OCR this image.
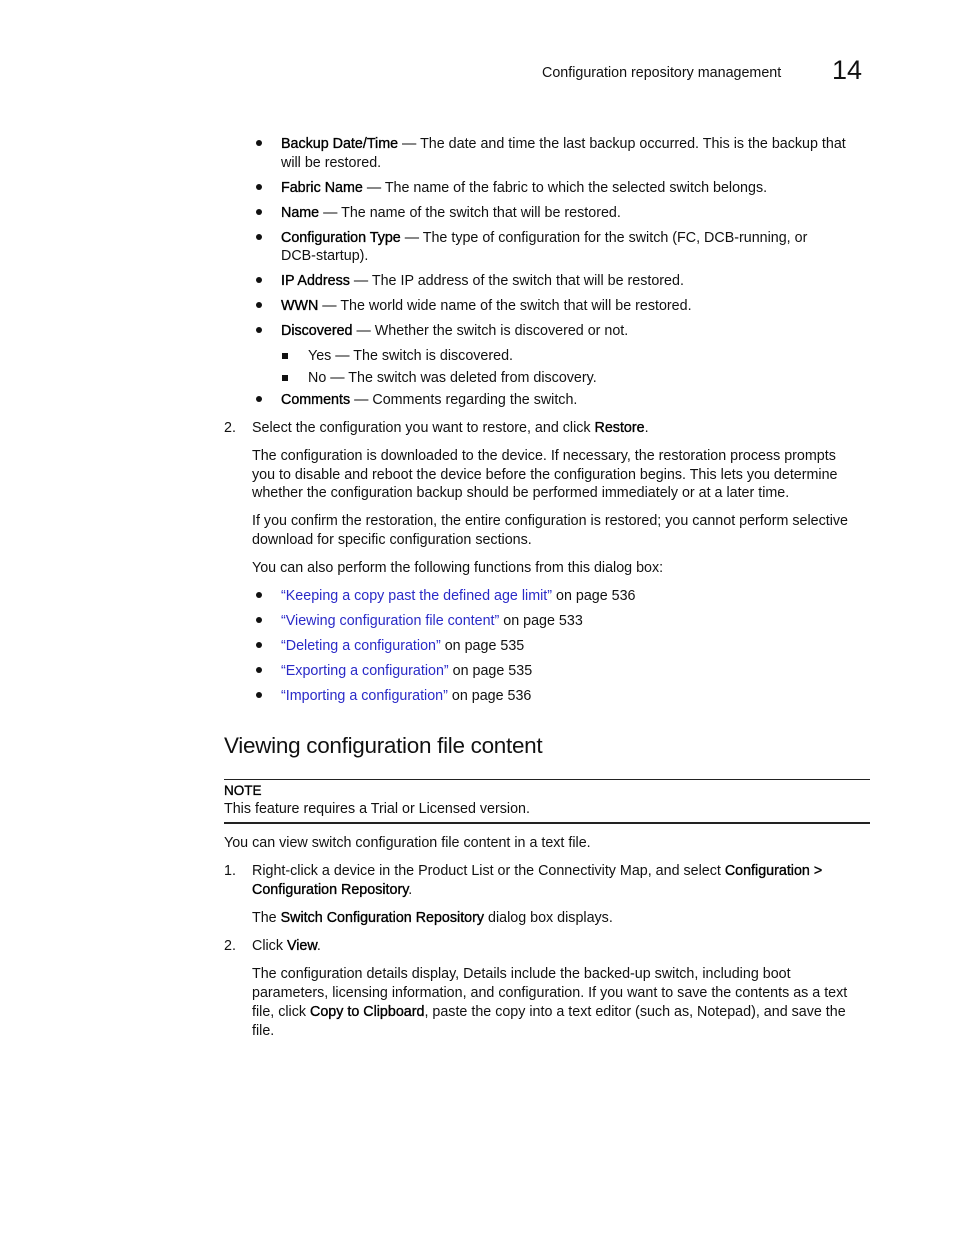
Configuration repository management 14
Backup Date/Time — The date and time the last backup occurred. This is the backup that
will be restored.
Fabric Name — The name of the fabric to which the selected switch belongs.
Name — The name of the switch that will be restored.
Configuration Type — The type of configuration for the switch (FC, DCB-running, or
DCB-startup).
IP Address — The IP address of the switch that will be restored.
WWN — The world wide name of the switch that will be restored.
Discovered — Whether the switch is discovered or not.
Yes — The switch is discovered.
No — The switch was deleted from discovery.
Comments — Comments regarding the switch.
2. Select the configuration you want to restore, and click Restore.
The configuration is downloaded to the device. If necessary, the restoration process prompts
you to disable and reboot the device before the configuration begins. This lets you determine
whether the configuration backup should be performed immediately or at a later time.
If you confirm the restoration, the entire configuration is restored; you cannot perform selective
download for specific configuration sections.
You can also perform the following functions from this dialog box:
“Keeping a copy past the defined age limit” on page 536
“Viewing configuration file content” on page 533
“Deleting a configuration” on page 535
“Exporting a configuration” on page 535
“Importing a configuration” on page 536
Viewing configuration file content
NOTE
This feature requires a Trial or Licensed version.
You can view switch configuration file content in a text file.
1. Right-click a device in the Product List or the Connectivity Map, and select Configuration >
Configuration Repository.
The Switch Configuration Repository dialog box displays.
2. Click View.
The configuration details display, Details include the backed-up switch, including boot
parameters, licensing information, and configuration. If you want to save the contents as a text
file, click Copy to Clipboard, paste the copy into a text editor (such as, Notepad), and save the
file.
